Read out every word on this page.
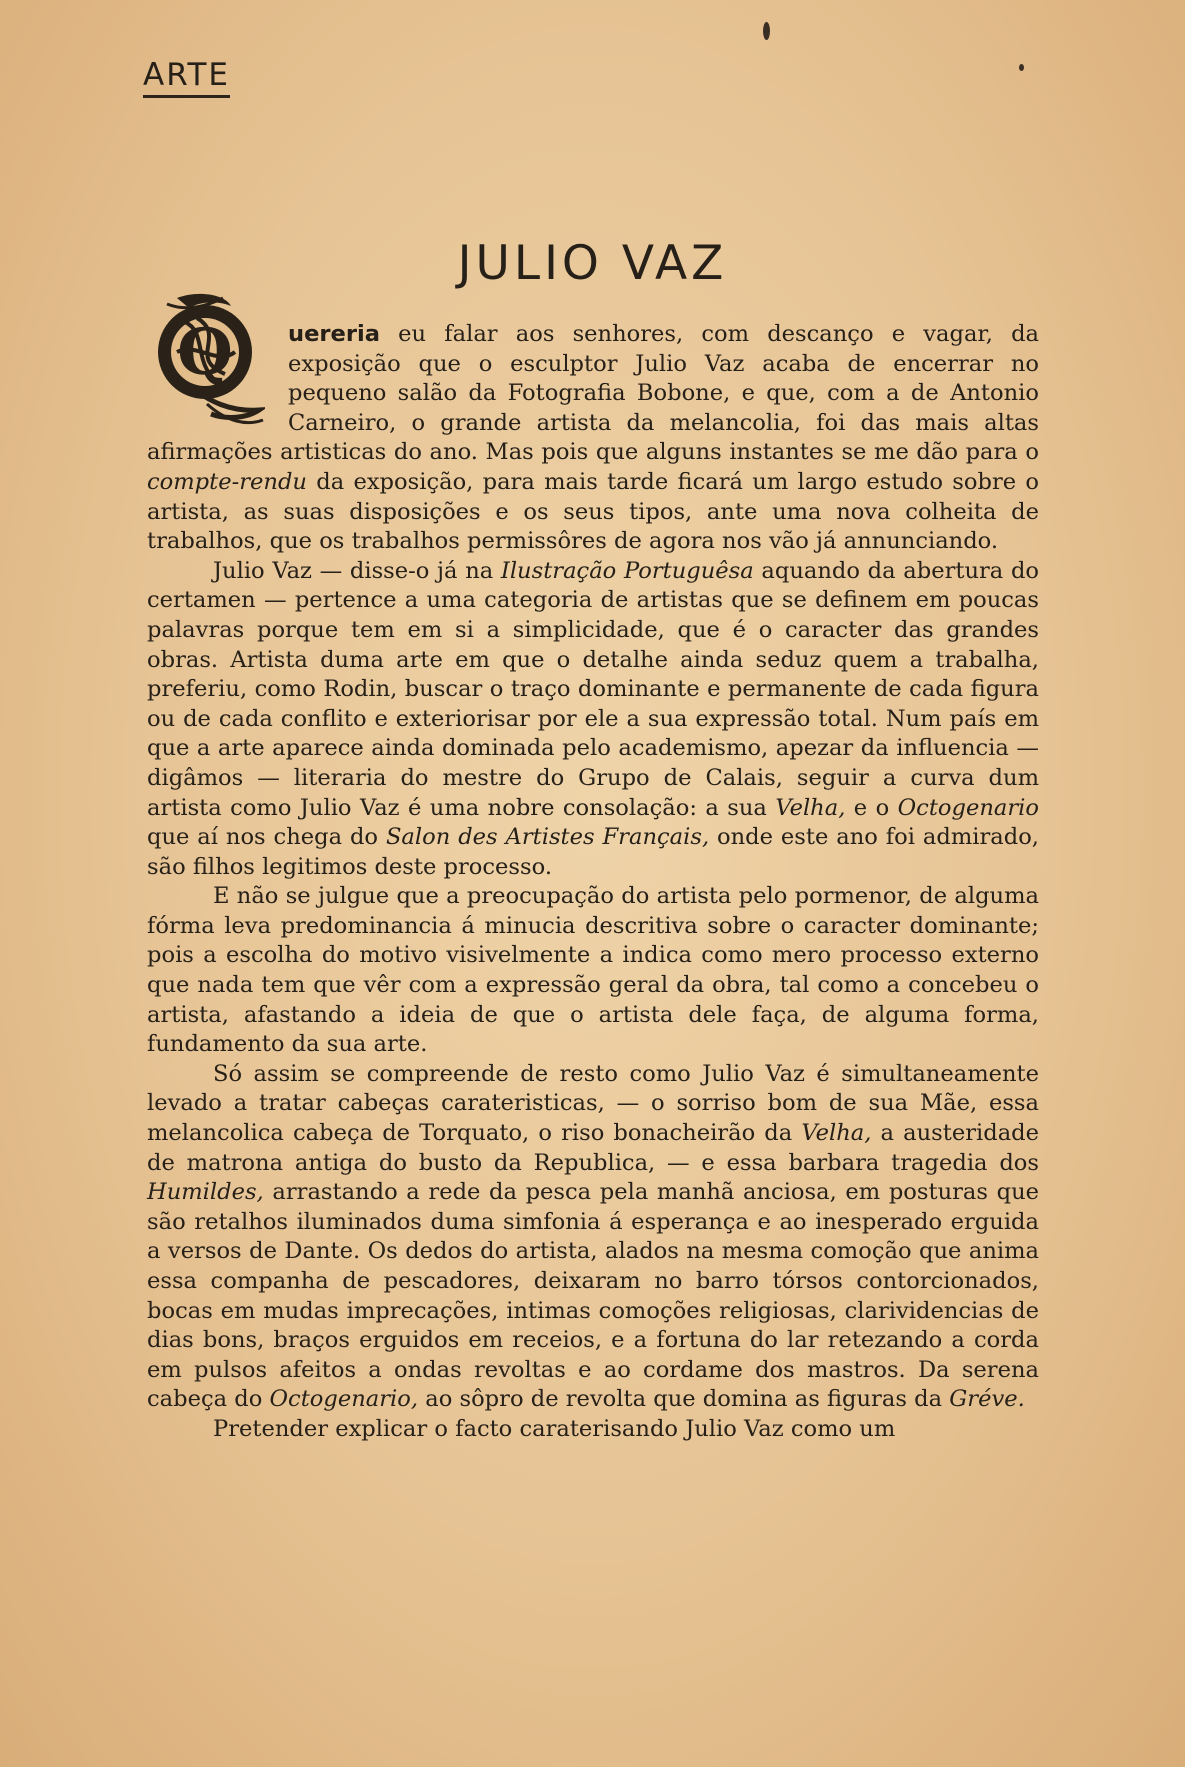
ARTE
JULIO VAZ
Q	uereria eu falar aos senhores, com descanço e vagar, da exposição que o esculptor Julio Vaz acaba de encerrar no pequeno salão da Fotografia Bobone, e que, com a de Antonio Carneiro, o grande artista da melancolia, foi das mais altas afirmações artisticas do ano. Mas pois que alguns instantes se me dão para o compte-rendu da exposição, para mais tarde ficará um largo estudo sobre o artista, as suas disposições e os seus tipos, ante uma nova colheita de trabalhos, que os trabalhos permissôres de agora nos vão já annunciando.

Julio Vaz — disse-o já na Ilustração Portuguêsa aquando da abertura do certamen — pertence a uma categoria de artistas que se definem em poucas palavras porque tem em si a simplicidade, que é o caracter das grandes obras. Artista duma arte em que o detalhe ainda seduz quem a trabalha, preferiu, como Rodin, buscar o traço dominante e permanente de cada figura ou de cada conflito e exteriorisar por ele a sua expressão total. Num país em que a arte aparece ainda dominada pelo academismo, apezar da influencia — digâmos — literaria do mestre do Grupo de Calais, seguir a curva dum artista como Julio Vaz é uma nobre consolação: a sua Velha, e o Octogenario que aí nos chega do Salon des Artistes Français, onde este ano foi admirado, são filhos legitimos deste processo.

E não se julgue que a preocupação do artista pelo pormenor, de alguma fórma leva predominancia á minucia descritiva sobre o caracter dominante; pois a escolha do motivo visivelmente a indica como mero processo externo que nada tem que vêr com a expressão geral da obra, tal como a concebeu o artista, afastando a ideia de que o artista dele faça, de alguma forma, fundamento da sua arte.

Só assim se compreende de resto como Julio Vaz é simultaneamente levado a tratar cabeças carateristicas, — o sorriso bom de sua Mãe, essa melancolica cabeça de Torquato, o riso bonacheirão da Velha, a austeridade de matrona antiga do busto da Republica, — e essa barbara tragedia dos Humildes, arrastando a rede da pesca pela manhã anciosa, em posturas que são retalhos iluminados duma simfonia á esperança e ao inesperado erguida a versos de Dante. Os dedos do artista, alados na mesma comoção que anima essa companha de pescadores, deixaram no barro tórsos contorcionados, bocas em mudas imprecações, intimas comoções religiosas, clarividencias de dias bons, braços erguidos em receios, e a fortuna do lar retezando a corda em pulsos afeitos a ondas revoltas e ao cordame dos mastros. Da serena cabeça do Octogenario, ao sôpro de revolta que domina as figuras da Gréve.

Pretender explicar o facto caraterisando Julio Vaz como um
